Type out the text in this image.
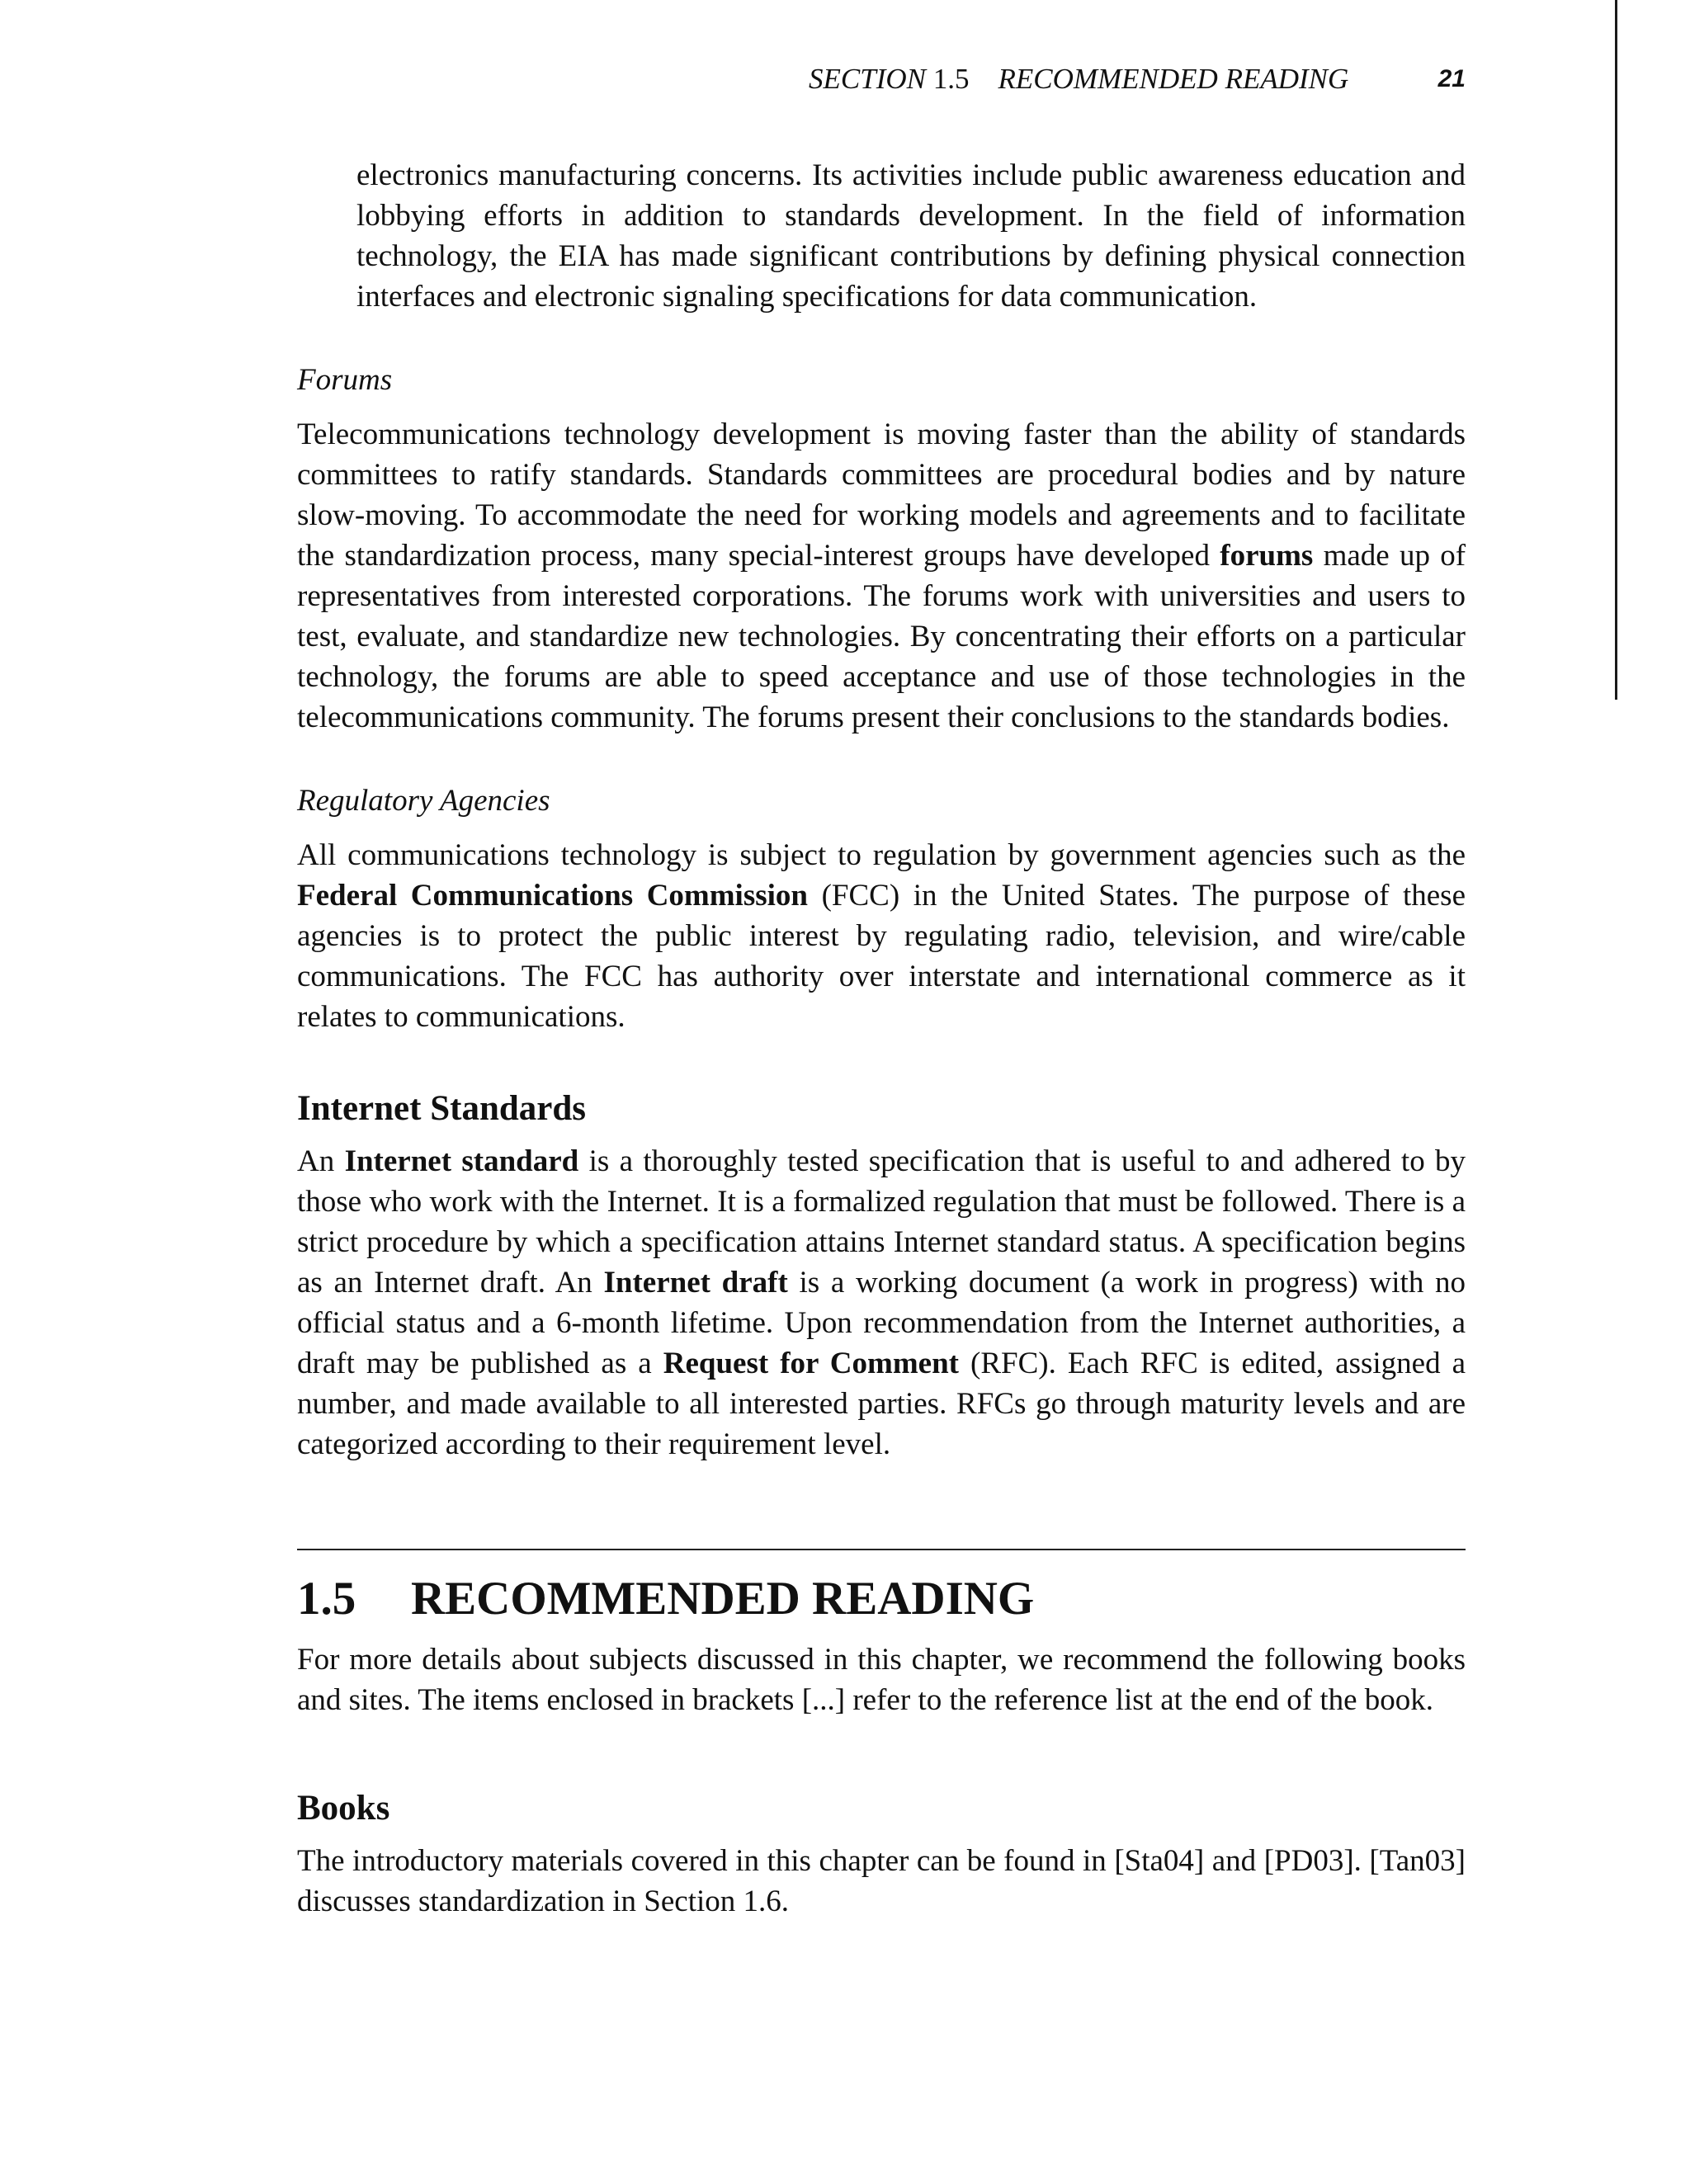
SECTION 1.5 RECOMMENDED READING	21

electronics manufacturing concerns. Its activities include public awareness education and lobbying efforts in addition to standards development. In the field of information technology, the EIA has made significant contributions by defining physical connection interfaces and electronic signaling specifications for data communication.

Forums

Telecommunications technology development is moving faster than the ability of standards committees to ratify standards. Standards committees are procedural bodies and by nature slow-moving. To accommodate the need for working models and agreements and to facilitate the standardization process, many special-interest groups have developed forums made up of representatives from interested corporations. The forums work with universities and users to test, evaluate, and standardize new technologies. By concentrating their efforts on a particular technology, the forums are able to speed acceptance and use of those technologies in the telecommunications community. The forums present their conclusions to the standards bodies.

Regulatory Agencies

All communications technology is subject to regulation by government agencies such as the Federal Communications Commission (FCC) in the United States. The purpose of these agencies is to protect the public interest by regulating radio, television, and wire/cable communications. The FCC has authority over interstate and international commerce as it relates to communications.

Internet Standards

An Internet standard is a thoroughly tested specification that is useful to and adhered to by those who work with the Internet. It is a formalized regulation that must be followed. There is a strict procedure by which a specification attains Internet standard status. A specification begins as an Internet draft. An Internet draft is a working document (a work in progress) with no official status and a 6-month lifetime. Upon recommendation from the Internet authorities, a draft may be published as a Request for Comment (RFC). Each RFC is edited, assigned a number, and made available to all interested parties. RFCs go through maturity levels and are categorized according to their requirement level.

1.5 RECOMMENDED READING

For more details about subjects discussed in this chapter, we recommend the following books and sites. The items enclosed in brackets [...] refer to the reference list at the end of the book.

Books

The introductory materials covered in this chapter can be found in [Sta04] and [PD03]. [Tan03] discusses standardization in Section 1.6.
